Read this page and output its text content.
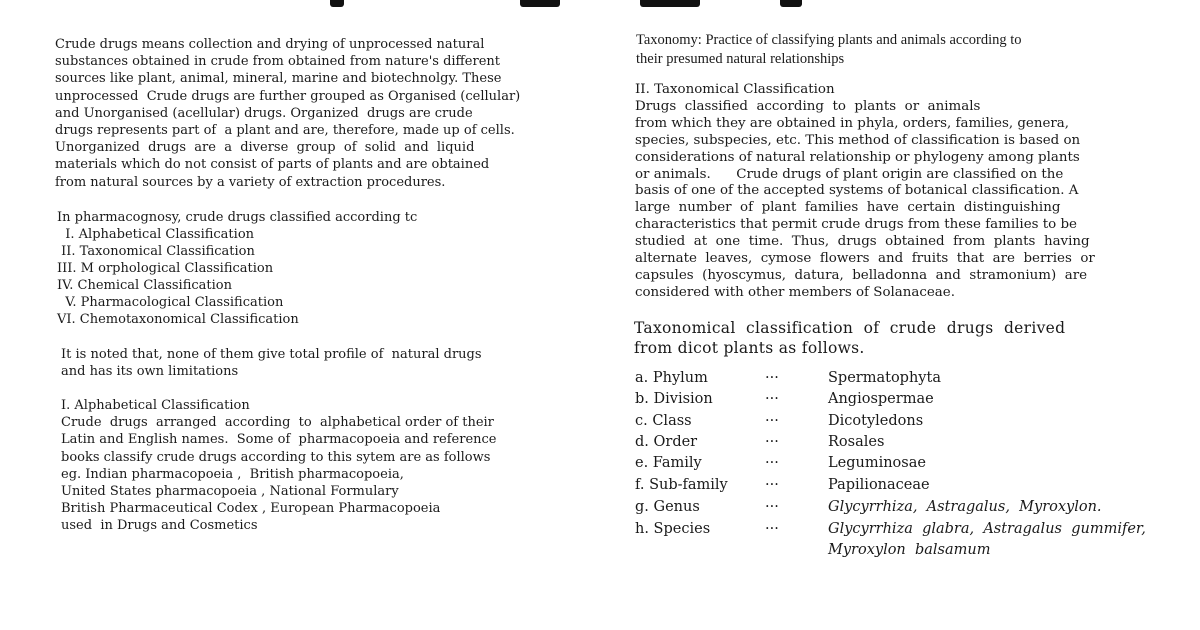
Crude drugs means collection and drying of unprocessed natural
substances obtained in crude from obtained from nature's different
sources like plant, animal, mineral, marine and biotechnolgy. These
unprocessed  Crude drugs are further grouped as Organised (cellular)
and Unorganised (acellular) drugs. Organized  drugs are crude
drugs represents part of  a plant and are, therefore, made up of cells.
Unorganized  drugs  are  a  diverse  group  of  solid  and  liquid
materials which do not consist of parts of plants and are obtained
from natural sources by a variety of extraction procedures.
In pharmacognosy, crude drugs classified according tc
I. Alphabetical Classification
II. Taxonomical Classification
III. M orphological Classification
IV. Chemical Classification
V. Pharmacological Classification
VI. Chemotaxonomical Classification
It is noted that, none of them give total profile of  natural drugs
and has its own limitations
I. Alphabetical Classification
Crude  drugs  arranged  according  to  alphabetical order of their
Latin and English names.  Some of  pharmacopoeia and reference
books classify crude drugs according to this sytem are as follows
eg. Indian pharmacopoeia ,  British pharmacopoeia,
United States pharmacopoeia , National Formulary
British Pharmaceutical Codex , European Pharmacopoeia
used  in Drugs and Cosmetics
Taxonomy: Practice of classifying plants and animals according to
their presumed natural relationships
II. Taxonomical Classification
Drugs  classified  according  to  plants  or  animals
from which they are obtained in phyla, orders, families, genera,
species, subspecies, etc. This method of classification is based on
considerations of natural relationship or phylogeny among plants
or animals.      Crude drugs of plant origin are classified on the
basis of one of the accepted systems of botanical classification. A
large  number  of  plant  families  have  certain  distinguishing
characteristics that permit crude drugs from these families to be
studied  at  one  time.  Thus,  drugs  obtained  from  plants  having
alternate  leaves,  cymose  flowers  and  fruits  that  are  berries  or
capsules  (hyoscymus,  datura,  belladonna  and  stramonium)  are
considered with other members of Solanaceae.
Taxonomical  classification  of  crude  drugs  derived
from dicot plants as follows.
a. Phylum	···	Spermatophyta
b. Division	···	Angiospermae
c. Class	···	Dicotyledons
d. Order	···	Rosales
e. Family	···	Leguminosae
f. Sub-family	···	Papilionaceae
g. Genus	···	Glycyrrhiza,  Astragalus,  Myroxylon.
h. Species	···	Glycyrrhiza  glabra,  Astragalus  gummifer,
Myroxylon  balsamum
